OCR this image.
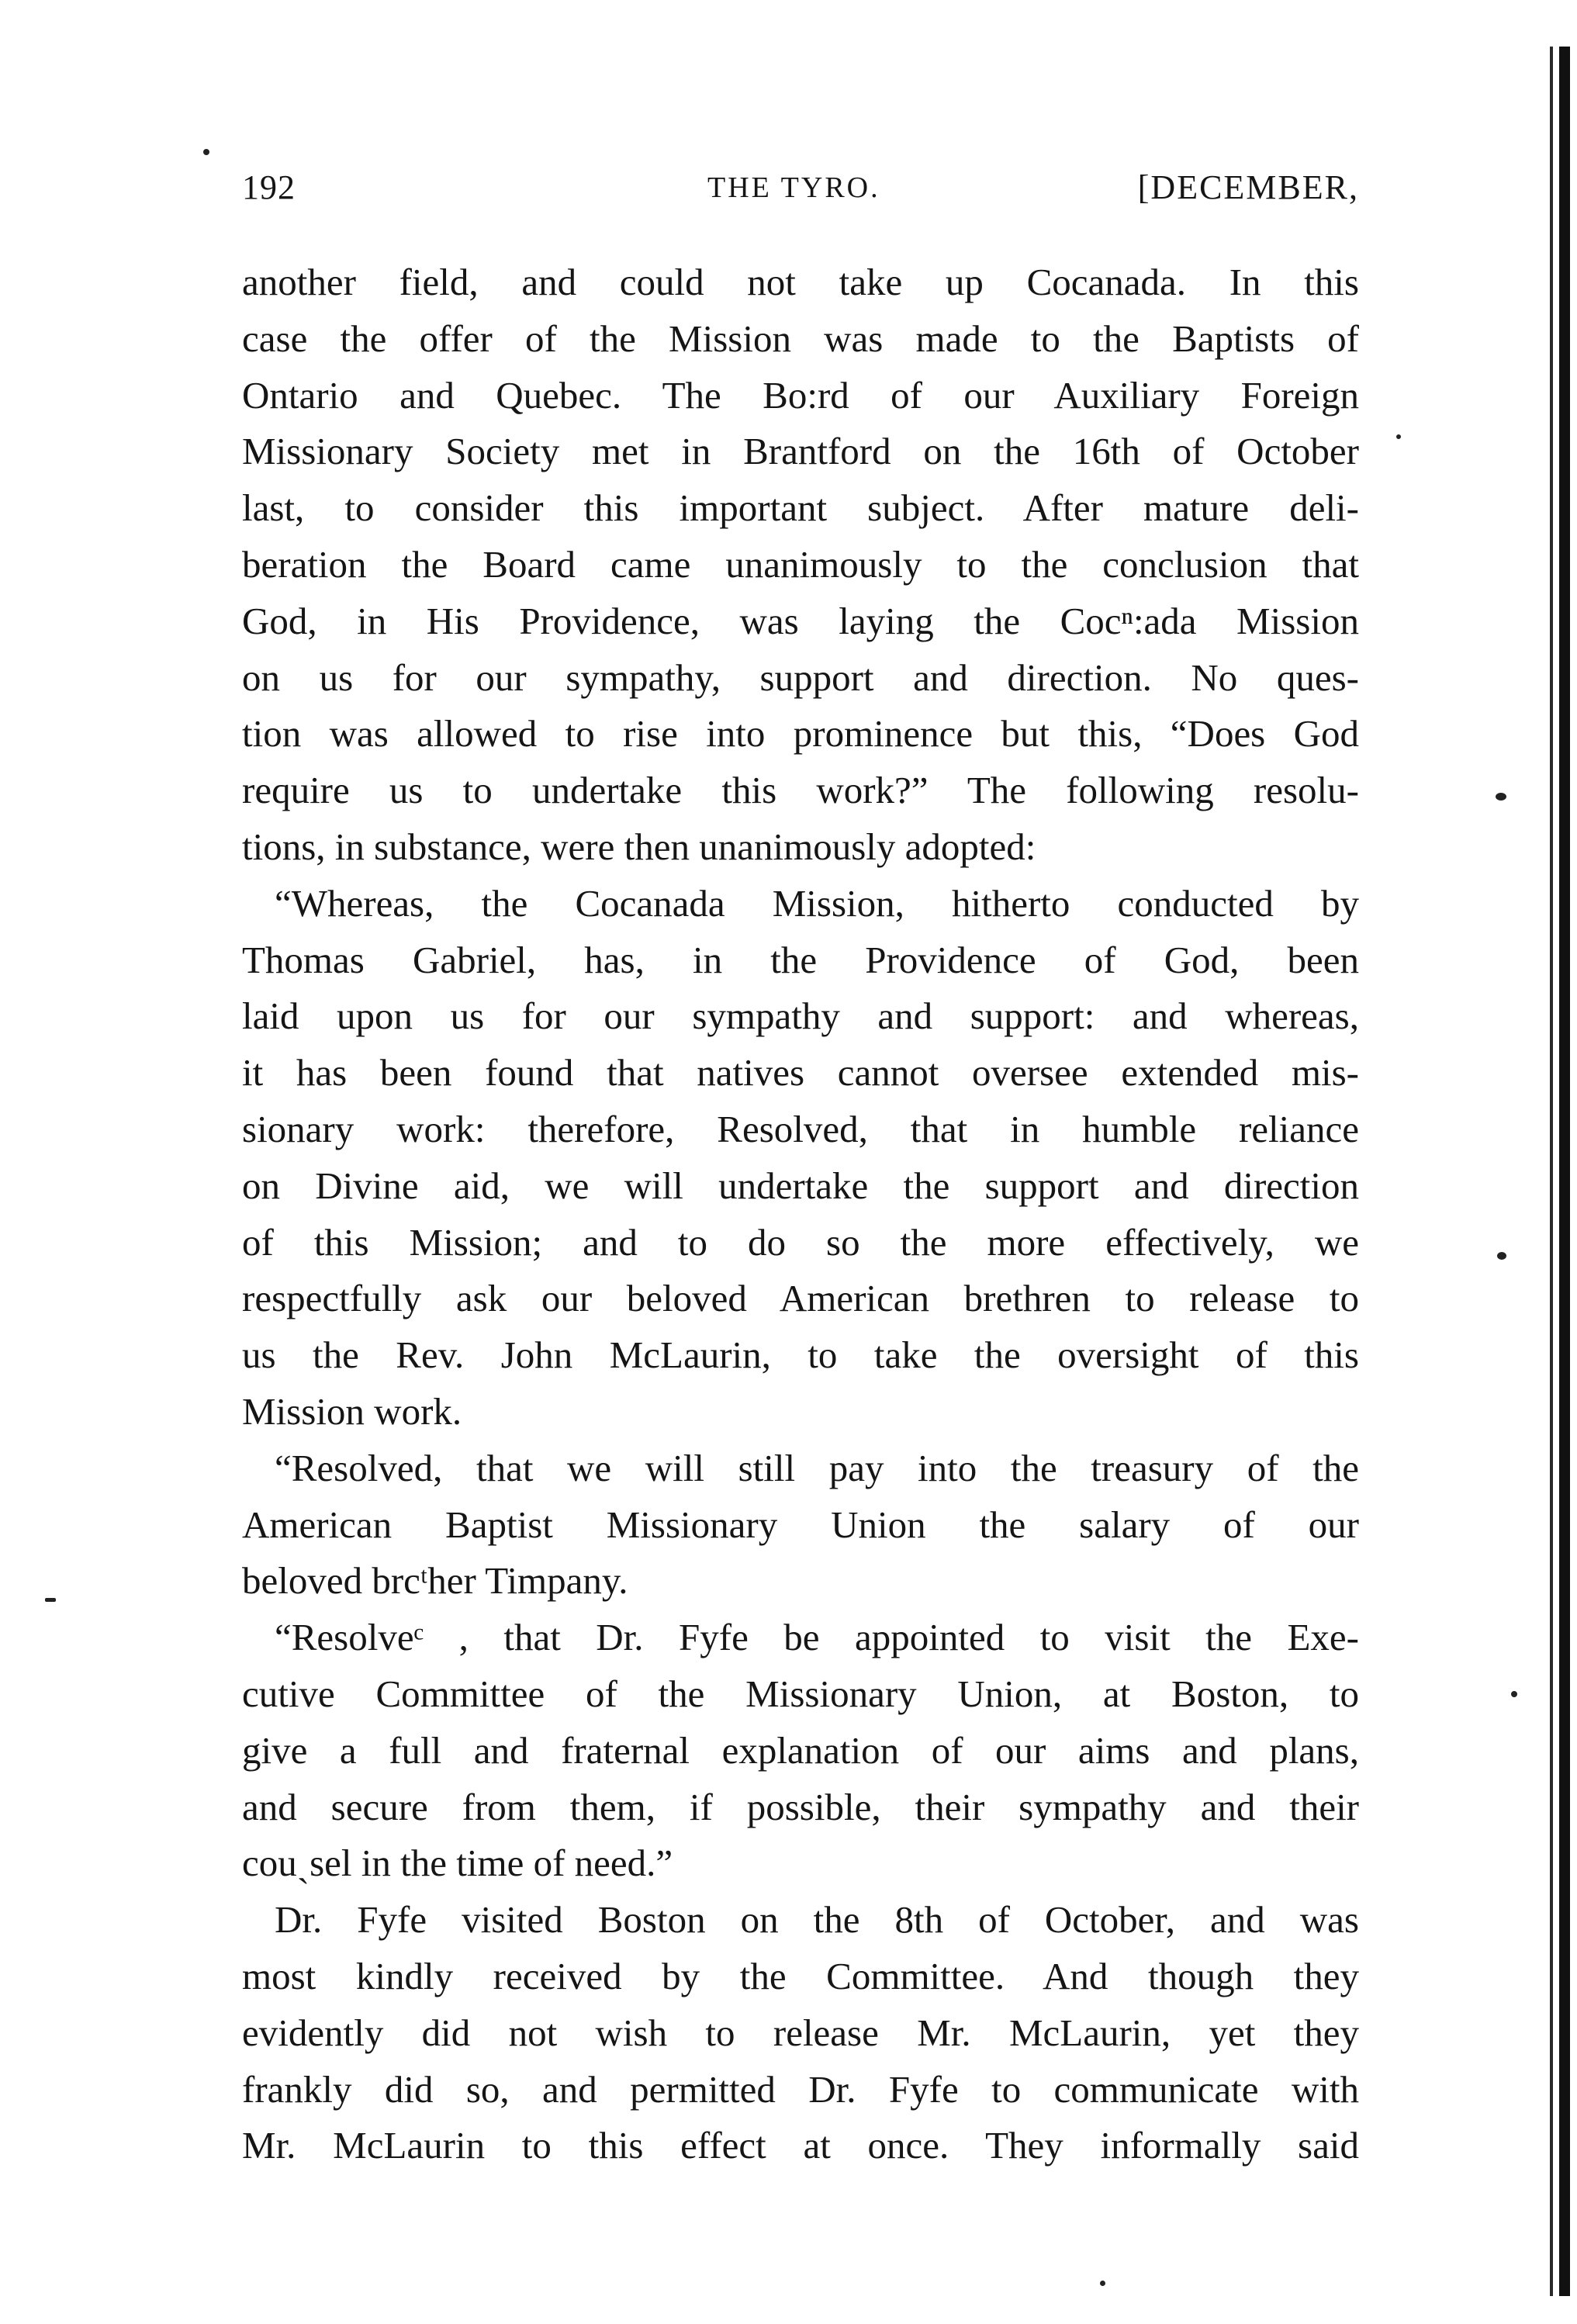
192	THE TYRO.	[DECEMBER,
another field, and could not take up Cocanada. In this
case the offer of the Mission was made to the Baptists of
Ontario and Quebec. The Bo:rd of our Auxiliary Foreign
Missionary Society met in Brantford on the 16th of October
last, to consider this important subject. After mature deli-
beration the Board came unanimously to the conclusion that
God, in His Providence, was laying the Cocⁿ:ada Mission
on us for our sympathy, support and direction. No ques-
tion was allowed to rise into prominence but this, “Does God
require us to undertake this work?” The following resolu-
tions, in substance, were then unanimously adopted:
“Whereas, the Cocanada Mission, hitherto conducted by
Thomas Gabriel, has, in the Providence of God, been
laid upon us for our sympathy and support: and whereas,
it has been found that natives cannot oversee extended mis-
sionary work: therefore, Resolved, that in humble reliance
on Divine aid, we will undertake the support and direction
of this Mission; and to do so the more effectively, we
respectfully ask our beloved American brethren to release to
us the Rev. John McLaurin, to take the oversight of this
Mission work.
“Resolved, that we will still pay into the treasury of the
American Baptist Missionary Union the salary of our
beloved brcᵗher Timpany.
“Resolveᶜ , that Dr. Fyfe be appointed to visit the Exe-
cutive Committee of the Missionary Union, at Boston, to
give a full and fraternal explanation of our aims and plans,
and secure from them, if possible, their sympathy and their
couˏsel in the time of need.”
Dr. Fyfe visited Boston on the 8th of October, and was
most kindly received by the Committee. And though they
evidently did not wish to release Mr. McLaurin, yet they
frankly did so, and permitted Dr. Fyfe to communicate with
Mr. McLaurin to this effect at once. They informally said
